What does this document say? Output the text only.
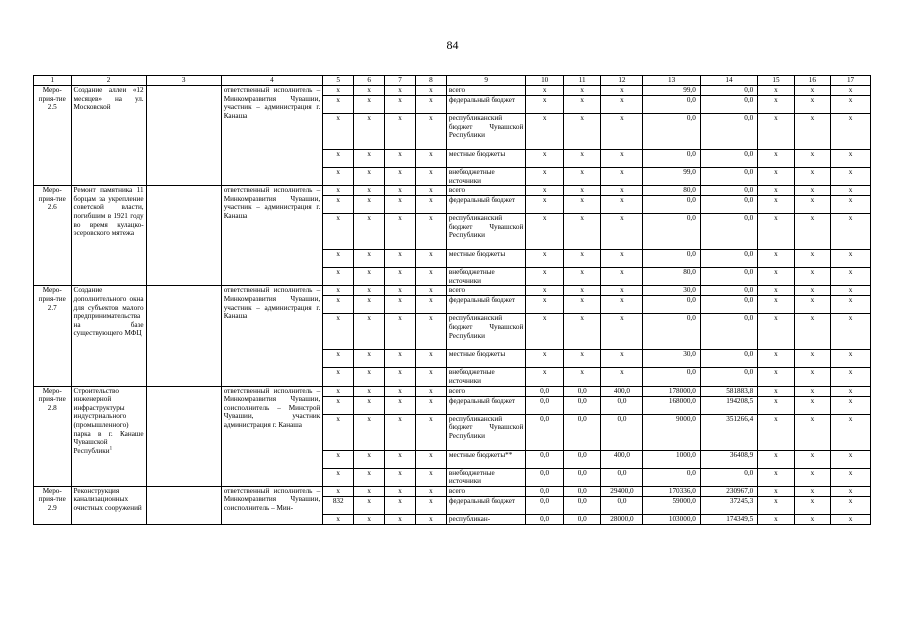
84
1	2	3	4	5	6	7	8	9	10	11	12	13	14	15	16	17
Меро-прия-тие 2.5	Создание аллеи «12 месяцев» на ул. Московской		ответственный исполнитель – Минкомразвития Чувашии, участник – администрация г. Канаша	x	x	x	x	всего	x	x	x	99,0	0,0	x	x	x
				x	x	x	x	федеральный бюджет	x	x	x	0,0	0,0	x	x	x
				x	x	x	x	республиканский бюджет Чувашской Республики	x	x	x	0,0	0,0	x	x	x
				x	x	x	x	местные бюджеты	x	x	x	0,0	0,0	x	x	x
				x	x	x	x	внебюджетные источники	x	x	x	99,0	0,0	x	x	x
Меро-прия-тие 2.6	Ремонт памятника 11 борцам за укрепление советской власти, погибшим в 1921 году во время кулацко-эсеровского мятежа		ответственный исполнитель – Минкомразвития Чувашии, участник – администрация г. Канаша	x	x	x	x	всего	x	x	x	80,0	0,0	x	x	x
				x	x	x	x	федеральный бюджет	x	x	x	0,0	0,0	x	x	x
				x	x	x	x	республиканский бюджет Чувашской Республики	x	x	x	0,0	0,0	x	x	x
				x	x	x	x	местные бюджеты	x	x	x	0,0	0,0	x	x	x
				x	x	x	x	внебюджетные источники	x	x	x	80,0	0,0	x	x	x
Меро-прия-тие 2.7	Создание дополнительного окна для субъектов малого предпринимательства на базе существующего МФЦ		ответственный исполнитель – Минкомразвития Чувашии, участник – администрация г. Канаша	x	x	x	x	всего	x	x	x	30,0	0,0	x	x	x
				x	x	x	x	федеральный бюджет	x	x	x	0,0	0,0	x	x	x
				x	x	x	x	республиканский бюджет Чувашской Республики	x	x	x	0,0	0,0	x	x	x
				x	x	x	x	местные бюджеты	x	x	x	30,0	0,0	x	x	x
				x	x	x	x	внебюджетные источники	x	x	x	0,0	0,0	x	x	x
Меро-прия-тие 2.8	Строительство инженерной инфраструктуры индустриального (промышленного) парка в г. Канаше Чувашской Республики$^1$		ответственный исполнитель – Минкомразвития Чувашии, соисполнитель – Минстрой Чувашии, участник администрация г. Канаша	x	x	x	x	всего	0,0	0,0	400,0	178000,0	581883,8	x	x	x
				x	x	x	x	федеральный бюджет	0,0	0,0	0,0	168000,0	194208,5	x	x	x
				x	x	x	x	республиканский бюджет Чувашской Республики	0,0	0,0	0,0	9000,0	351266,4	x	x	x
				x	x	x	x	местные бюджеты**	0,0	0,0	400,0	1000,0	36408,9	x	x	x
				x	x	x	x	внебюджетные источники	0,0	0,0	0,0	0,0	0,0	x	x	x
Меро-прия-тие 2.9	Реконструкция канализационных очистных сооружений		ответственный исполнитель – Минкомразвития Чувашии, соисполнитель – Мин-	x	x	x	x	всего	0,0	0,0	29400,0	170336,0	230967,0	x	x	x
				832	x	x	x	федеральный бюджет	0,0	0,0	0,0	59000,0	37245,3	x	x	x
				x	x	x	x	республикан-	0,0	0,0	28000,0	103000,0	174349,5	x	x	x
